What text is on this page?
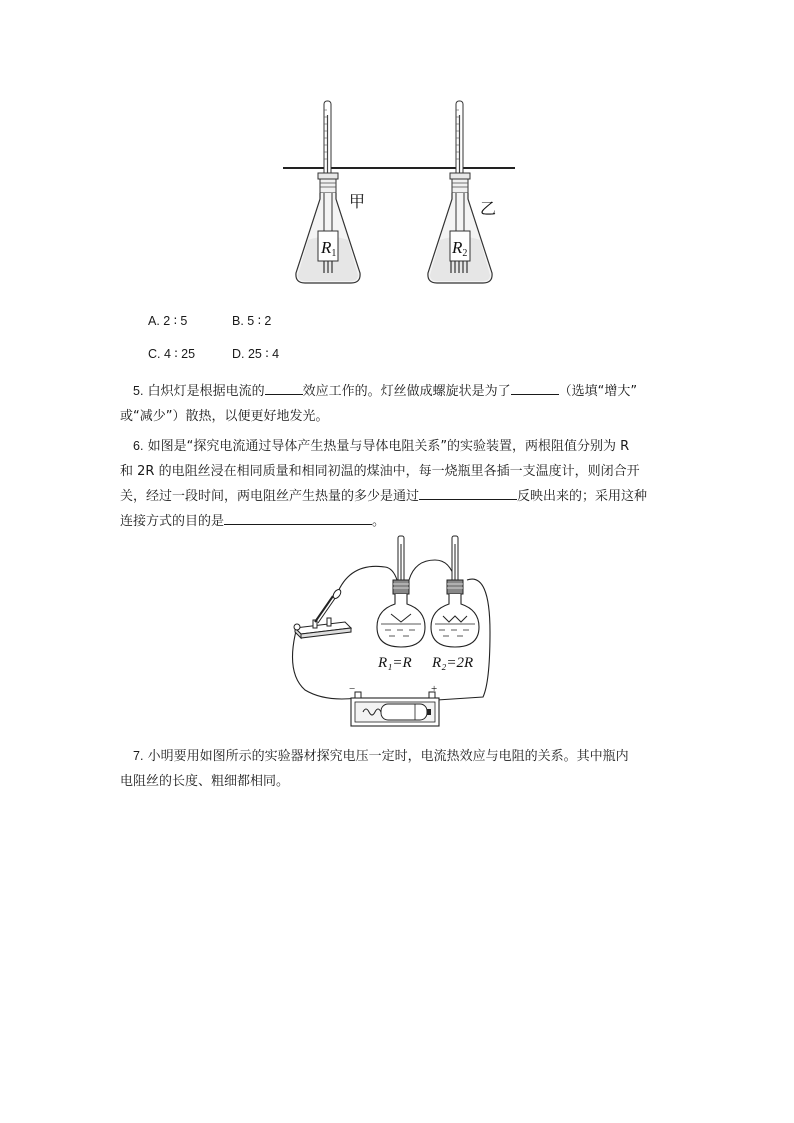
R1
甲
R2
乙
A. 2 ∶ 5	B. 5 ∶ 2
C. 4 ∶ 25	D. 25 ∶ 4
5. 白炽灯是根据电流的	效应工作的。灯丝做成螺旋状是为了	（选填“增大”
或“减少”）散热，以便更好地发光。
6. 如图是“探究电流通过导体产生热量与导体电阻关系”的实验装置，两根阻值分别为 R
和 2R 的电阻丝浸在相同质量和相同初温的煤油中，每一烧瓶里各插一支温度计，则闭合开
关，经过一段时间，两电阻丝产生热量的多少是通过	反映出来的；采用这种
连接方式的目的是	。
R₁=R R₂=2R
−	+
7. 小明要用如图所示的实验器材探究电压一定时，电流热效应与电阻的关系。其中瓶内
电阻丝的长度、粗细都相同。
